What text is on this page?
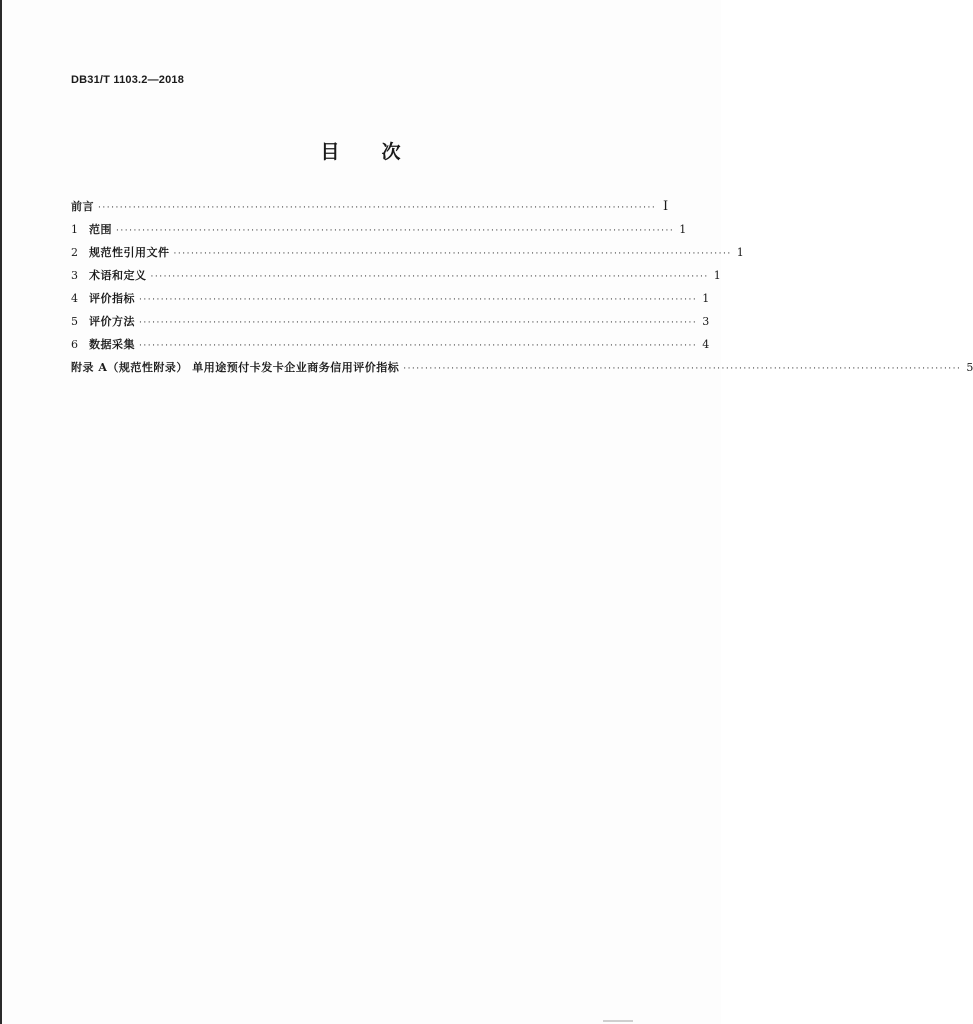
DB31/T 1103.2—2018
目次
前言 ································································································································ I
1	范围 ································································································································ 1
2	规范性引用文件 ································································································································ 1
3	术语和定义 ································································································································ 1
4	评价指标 ································································································································ 1
5	评价方法 ································································································································ 3
6	数据采集 ································································································································ 4
附录 A（规范性附录） 单用途预付卡发卡企业商务信用评价指标 ································································································································ 5
